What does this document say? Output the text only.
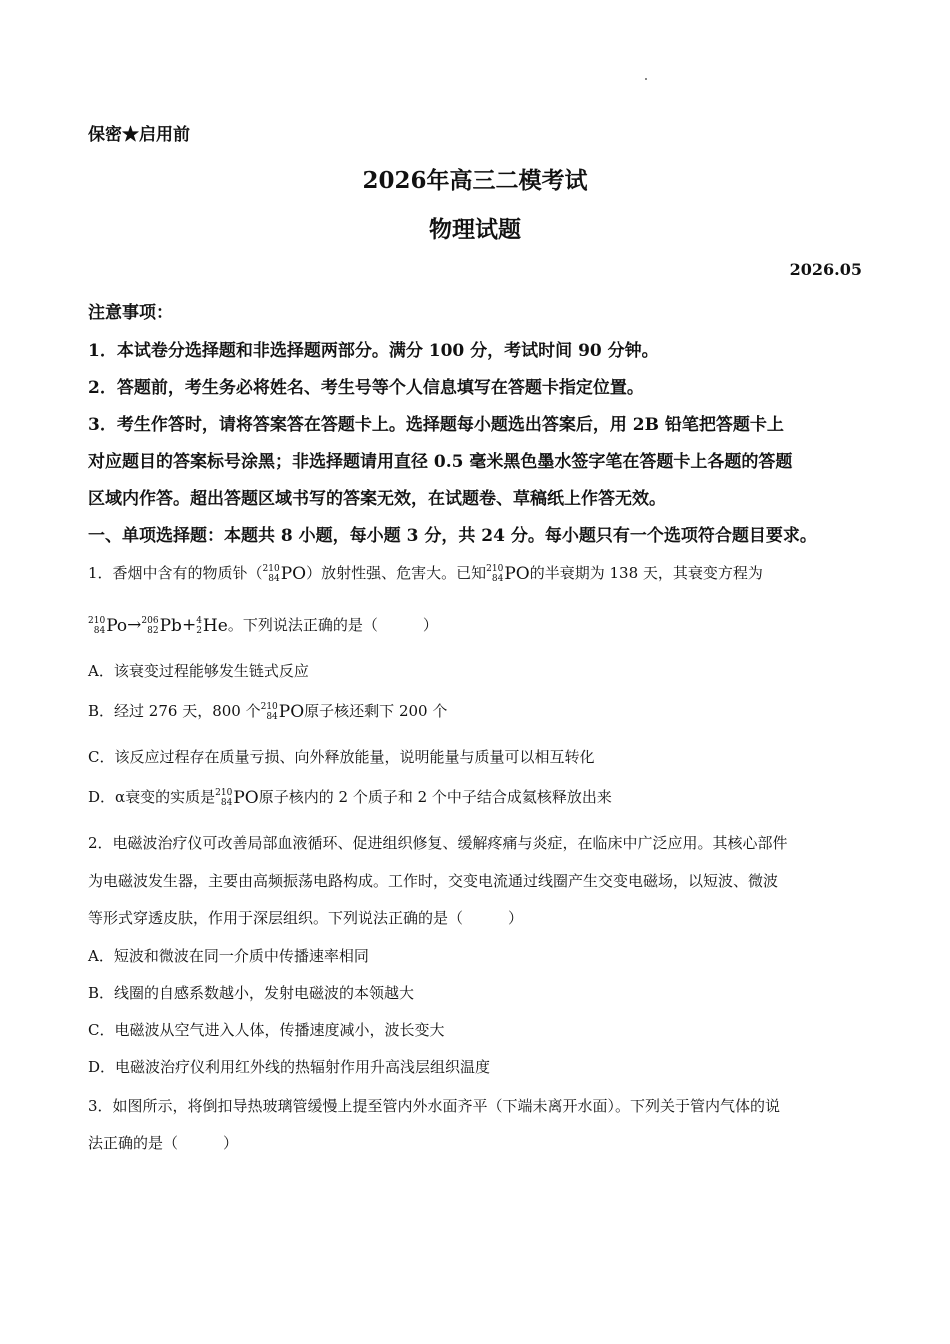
保密★启用前
2026年高三二模考试
物理试题
2026.05
注意事项：
1．本试卷分选择题和非选择题两部分。满分 100 分，考试时间 90 分钟。
2．答题前，考生务必将姓名、考生号等个人信息填写在答题卡指定位置。
3．考生作答时，请将答案答在答题卡上。选择题每小题选出答案后，用 2B 铅笔把答题卡上
对应题目的答案标号涂黑；非选择题请用直径 0.5 毫米黑色墨水签字笔在答题卡上各题的答题
区域内作答。超出答题区域书写的答案无效，在试题卷、草稿纸上作答无效。
一、单项选择题：本题共 8 小题，每小题 3 分，共 24 分。每小题只有一个选项符合题目要求。
1．香烟中含有的物质钋（ 210
84 PO ）放射性强、危害大。已知 210
84 PO 的半衰期为 138 天，其衰变方程为
210
84 Po → 206
82 Pb + 4
2 He 。下列说法正确的是（　　　）
A．该衰变过程能够发生链式反应
B．经过 276 天，800 个 210
84 PO 原子核还剩下 200 个
C．该反应过程存在质量亏损、向外释放能量，说明能量与质量可以相互转化
D．α衰变的实质是 210
84 PO 原子核内的 2 个质子和 2 个中子结合成氦核释放出来
2．电磁波治疗仪可改善局部血液循环、促进组织修复、缓解疼痛与炎症，在临床中广泛应用。其核心部件
为电磁波发生器，主要由高频振荡电路构成。工作时，交变电流通过线圈产生交变电磁场，以短波、微波
等形式穿透皮肤，作用于深层组织。下列说法正确的是（　　　）
A．短波和微波在同一介质中传播速率相同
B．线圈的自感系数越小，发射电磁波的本领越大
C．电磁波从空气进入人体，传播速度减小，波长变大
D．电磁波治疗仪利用红外线的热辐射作用升高浅层组织温度
3．如图所示，将倒扣导热玻璃管缓慢上提至管内外水面齐平（下端未离开水面）。下列关于管内气体的说
法正确的是（　　　）
